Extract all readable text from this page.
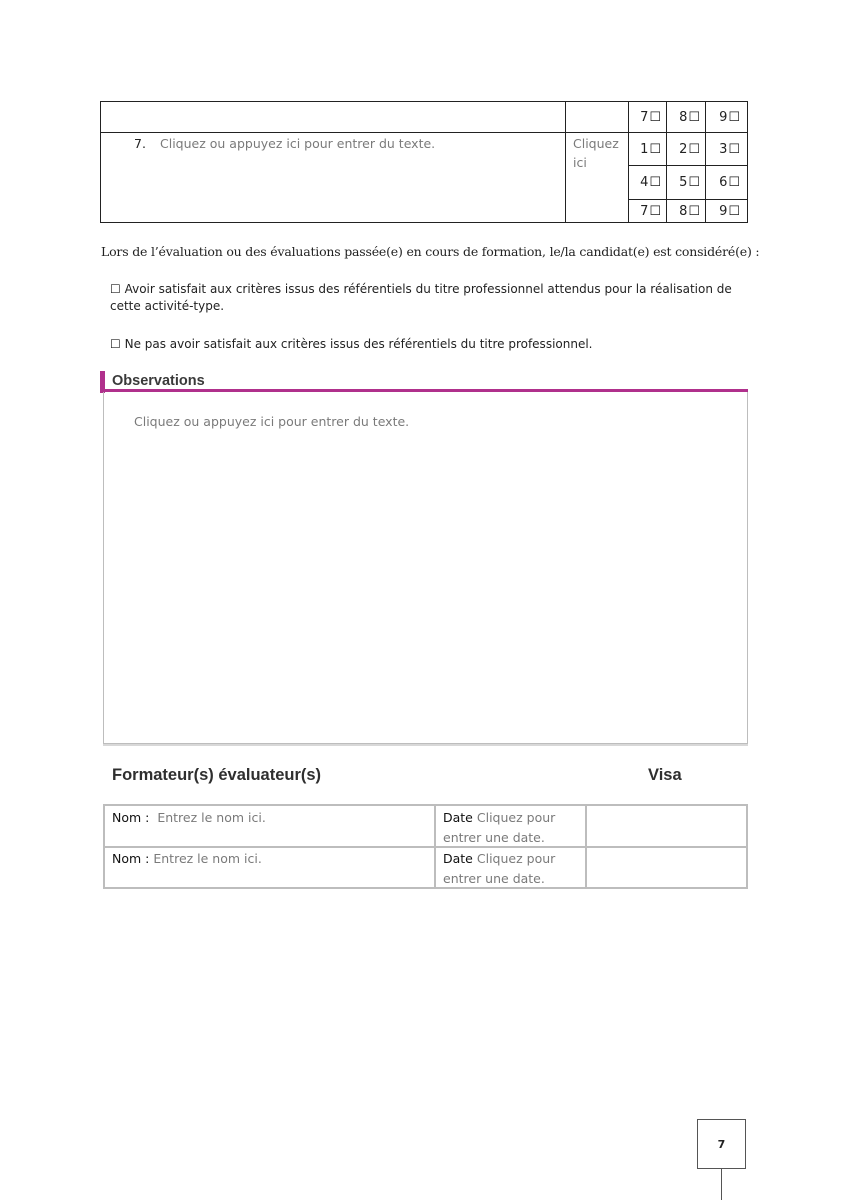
7 ☐ 8 ☐ 9 ☐
7. Cliquez ou appuyez ici pour entrer du texte.	Cliquez
ici
1 ☐ 2 ☐ 3 ☐
4 ☐ 5 ☐ 6 ☐
7 ☐ 8 ☐ 9 ☐
Lors de l’évaluation ou des évaluations passée(e) en cours de formation, le/la candidat(e) est considéré(e) :
☐ Avoir satisfait aux critères issus des référentiels du titre professionnel attendus pour la réalisation de
cette activité-type.
☐ Ne pas avoir satisfait aux critères issus des référentiels du titre professionnel.
Observations
Cliquez ou appuyez ici pour entrer du texte.
Formateur(s) évaluateur(s)	Visa
Nom : Entrez le nom ici.	Date Cliquez pour
entrer une date.
Nom : Entrez le nom ici.	Date Cliquez pour
entrer une date.
7
